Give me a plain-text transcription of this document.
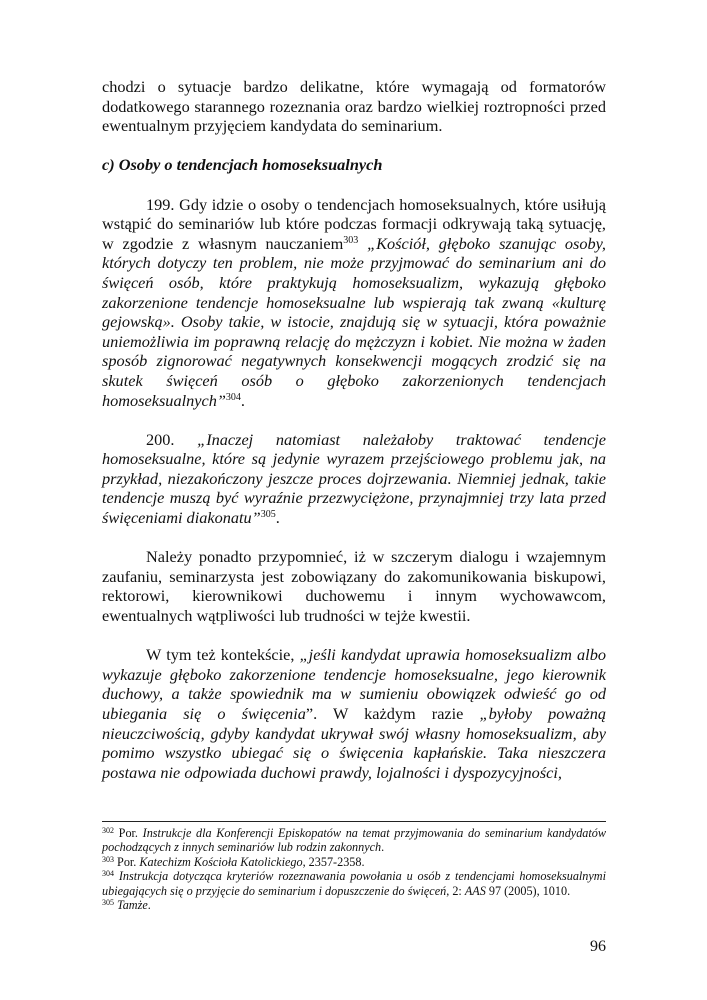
chodzi o sytuacje bardzo delikatne, które wymagają od formatorów dodatkowego starannego rozeznania oraz bardzo wielkiej roztropności przed ewentualnym przyjęciem kandydata do seminarium.

c) Osoby o tendencjach homoseksualnych

199. Gdy idzie o osoby o tendencjach homoseksualnych, które usiłują wstąpić do seminariów lub które podczas formacji odkrywają taką sytuację, w zgodzie z własnym nauczaniem$^{303}$ „Kościół, głęboko szanując osoby, których dotyczy ten problem, nie może przyjmować do seminarium ani do święceń osób, które praktykują homoseksualizm, wykazują głęboko zakorzenione tendencje homoseksualne lub wspierają tak zwaną «kulturę gejowską». Osoby takie, w istocie, znajdują się w sytuacji, która poważnie uniemożliwia im poprawną relację do mężczyzn i kobiet. Nie można w żaden sposób zignorować negatywnych konsekwencji mogących zrodzić się na skutek święceń osób o głęboko zakorzenionych tendencjach homoseksualnych”$^{304}$.

200. „Inaczej natomiast należałoby traktować tendencje homoseksualne, które są jedynie wyrazem przejściowego problemu jak, na przykład, niezakończony jeszcze proces dojrzewania. Niemniej jednak, takie tendencje muszą być wyraźnie przezwyciężone, przynajmniej trzy lata przed święceniami diakonatu”$^{305}$.

Należy ponadto przypomnieć, iż w szczerym dialogu i wzajemnym zaufaniu, seminarzysta jest zobowiązany do zakomunikowania biskupowi, rektorowi, kierownikowi duchowemu i innym wychowawcom, ewentualnych wątpliwości lub trudności w tejże kwestii.

W tym też kontekście, „jeśli kandydat uprawia homoseksualizm albo wykazuje głęboko zakorzenione tendencje homoseksualne, jego kierownik duchowy, a także spowiednik ma w sumieniu obowiązek odwieść go od ubiegania się o święcenia”. W każdym razie „byłoby poważną nieuczciwością, gdyby kandydat ukrywał swój własny homoseksualizm, aby pomimo wszystko ubiegać się o święcenia kapłańskie. Taka nieszczera postawa nie odpowiada duchowi prawdy, lojalności i dyspozycyjności,

$^{302}$ Por. Instrukcje dla Konferencji Episkopatów na temat przyjmowania do seminarium kandydatów pochodzących z innych seminariów lub rodzin zakonnych.

$^{303}$ Por. Katechizm Kościoła Katolickiego, 2357-2358.

$^{304}$ Instrukcja dotycząca kryteriów rozeznawania powołania u osób z tendencjami homoseksualnymi ubiegających się o przyjęcie do seminarium i dopuszczenie do święceń, 2: AAS 97 (2005), 1010.

$^{305}$ Tamże.

96
